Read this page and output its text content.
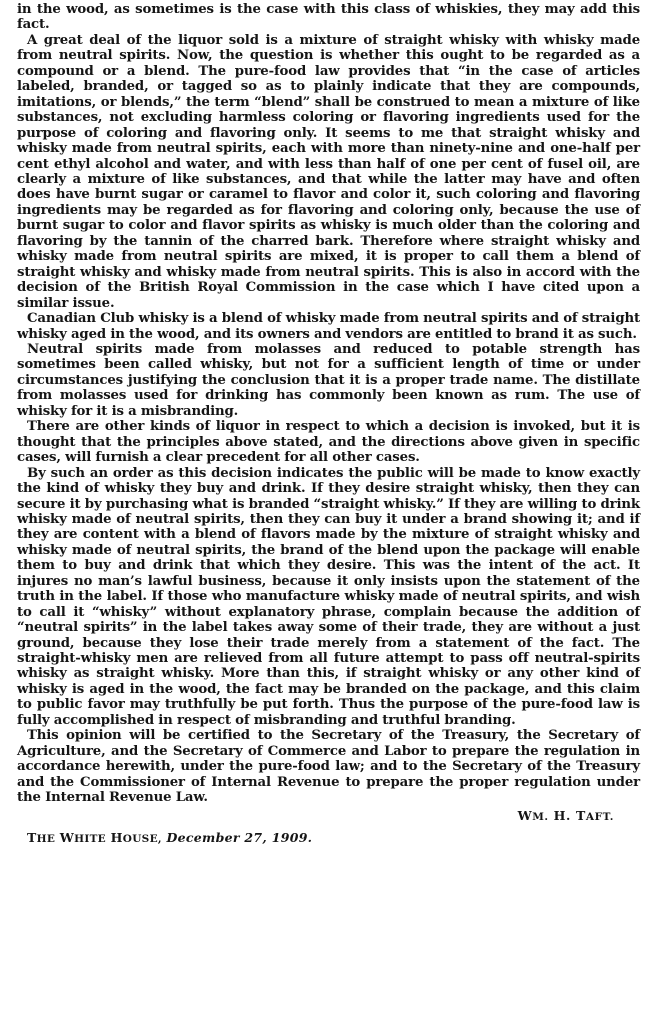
in the wood, as sometimes is the case with this class of whiskies, they may add this fact.

A great deal of the liquor sold is a mixture of straight whisky with whisky made from neutral spirits. Now, the question is whether this ought to be regarded as a compound or a blend. The pure-food law provides that “in the case of articles labeled, branded, or tagged so as to plainly indicate that they are compounds, imitations, or blends,” the term “blend” shall be construed to mean a mixture of like substances, not excluding harmless coloring or flavoring ingredients used for the purpose of coloring and flavoring only. It seems to me that straight whisky and whisky made from neutral spirits, each with more than ninety-nine and one-half per cent ethyl alcohol and water, and with less than half of one per cent of fusel oil, are clearly a mixture of like substances, and that while the latter may have and often does have burnt sugar or caramel to flavor and color it, such coloring and flavoring ingredients may be regarded as for flavoring and coloring only, because the use of burnt sugar to color and flavor spirits as whisky is much older than the coloring and flavoring by the tannin of the charred bark. Therefore where straight whisky and whisky made from neutral spirits are mixed, it is proper to call them a blend of straight whisky and whisky made from neutral spirits. This is also in accord with the decision of the British Royal Commission in the case which I have cited upon a similar issue.

Canadian Club whisky is a blend of whisky made from neutral spirits and of straight whisky aged in the wood, and its owners and vendors are entitled to brand it as such.

Neutral spirits made from molasses and reduced to potable strength has sometimes been called whisky, but not for a sufficient length of time or under circumstances justifying the conclusion that it is a proper trade name. The distillate from molasses used for drinking has commonly been known as rum. The use of whisky for it is a misbranding.

There are other kinds of liquor in respect to which a decision is invoked, but it is thought that the principles above stated, and the directions above given in specific cases, will furnish a clear precedent for all other cases.

By such an order as this decision indicates the public will be made to know exactly the kind of whisky they buy and drink. If they desire straight whisky, then they can secure it by purchasing what is branded “straight whisky.” If they are willing to drink whisky made of neutral spirits, then they can buy it under a brand showing it; and if they are content with a blend of flavors made by the mixture of straight whisky and whisky made of neutral spirits, the brand of the blend upon the package will enable them to buy and drink that which they desire. This was the intent of the act. It injures no man’s lawful business, because it only insists upon the statement of the truth in the label. If those who manufacture whisky made of neutral spirits, and wish to call it “whisky” without explanatory phrase, complain because the addition of “neutral spirits” in the label takes away some of their trade, they are without a just ground, because they lose their trade merely from a statement of the fact. The straight-whisky men are relieved from all future attempt to pass off neutral-spirits whisky as straight whisky. More than this, if straight whisky or any other kind of whisky is aged in the wood, the fact may be branded on the package, and this claim to public favor may truthfully be put forth. Thus the purpose of the pure-food law is fully accomplished in respect of misbranding and truthful branding.

This opinion will be certified to the Secretary of the Treasury, the Secretary of Agriculture, and the Secretary of Commerce and Labor to prepare the regulation in accordance herewith, under the pure-food law; and to the Secretary of the Treasury and the Commissioner of Internal Revenue to prepare the proper regulation under the Internal Revenue Law.

WM. H. TAFT.
THE WHITE HOUSE, December 27, 1909.
